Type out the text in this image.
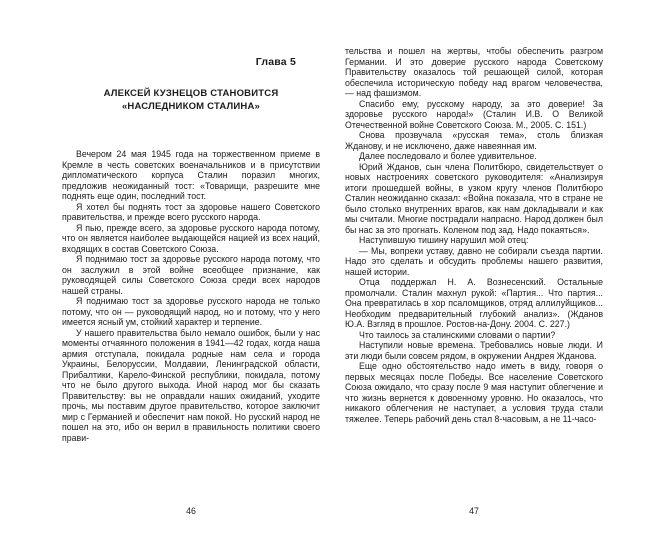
Глава 5
АЛЕКСЕЙ КУЗНЕЦОВ СТАНОВИТСЯ
«НАСЛЕДНИКОМ СТАЛИНА»

Вечером 24 мая 1945 года на торжественном приеме в Кремле в честь советских военачальников и в присутствии дипломатического корпуса Сталин поразил многих, предложив неожиданный тост: «Товарищи, разрешите мне поднять еще один, последний тост.

Я хотел бы поднять тост за здоровье нашего Советского правительства, и прежде всего русского народа.

Я пью, прежде всего, за здоровье русского народа потому, что он является наиболее выдающейся нацией из всех наций, входящих в состав Советского Союза.

Я поднимаю тост за здоровье русского народа потому, что он заслужил в этой войне всеобщее признание, как руководящей силы Советского Союза среди всех народов нашей страны.

Я поднимаю тост за здоровье русского народа не только потому, что он — руководящий народ, но и потому, что у него имеется ясный ум, стойкий характер и терпение.

У нашего правительства было немало ошибок, были у нас моменты отчаянного положения в 1941—42 годах, когда наша армия отступала, покидала родные нам села и города Украины, Белоруссии, Молдавии, Ленинградской области, Прибалтики, Карело-Финской республики, покидала, потому что не было другого выхода. Иной народ мог бы сказать Правительству: вы не оправдали наших ожиданий, уходите прочь, мы поставим другое правительство, которое заключит мир с Германией и обеспечит нам покой. Но русский народ не пошел на это, ибо он верил в правильность политики своего прави-

тельства и пошел на жертвы, чтобы обеспечить разгром Германии. И это доверие русского народа Советскому Правительству оказалось той решающей силой, которая обеспечила историческую победу над врагом человечества, — над фашизмом.

Спасибо ему, русскому народу, за это доверие! За здоровье русского народа!» (Сталин И.В. О Великой Отечественной войне Советского Союза. М., 2005. С. 151.)

Снова прозвучала «русская тема», столь близкая Жданову, и не исключено, даже навеянная им.

Далее последовало и более удивительное.

Юрий Жданов, сын члена Политбюро, свидетельствует о новых настроениях советского руководителя: «Анализируя итоги прошедшей войны, в узком кругу членов Политбюро Сталин неожиданно сказал: «Война показала, что в стране не было столько внутренних врагов, как нам докладывали и как мы считали. Многие пострадали напрасно. Народ должен был бы нас за это прогнать. Коленом под зад. Надо покаяться».

Наступившую тишину нарушил мой отец:

— Мы, вопреки уставу, давно не собирали съезда партии. Надо это сделать и обсудить проблемы нашего развития, нашей истории.

Отца поддержал Н. А. Вознесенский. Остальные промолчали. Сталин махнул рукой: «Партия... Что партия... Она превратилась в хор псаломщиков, отряд аллилуйщиков... Необходим предварительный глубокий анализ». (Жданов Ю.А. Взгляд в прошлое. Ростов-на-Дону. 2004. С. 227.)

Что таилось за сталинскими словами о партии?

Наступили новые времена. Требовались новые люди. И эти люди были совсем рядом, в окружении Андрея Жданова.

Еще одно обстоятельство надо иметь в виду, говоря о первых месяцах после Победы. Все население Советского Союза ожидало, что сразу после 9 мая наступит облегчение и что жизнь вернется к довоенному уровню. Но оказалось, что никакого облегчения не наступает, а условия труда стали тяжелее. Теперь рабочий день стал 8-часовым, а не 11-часо-

46	47
